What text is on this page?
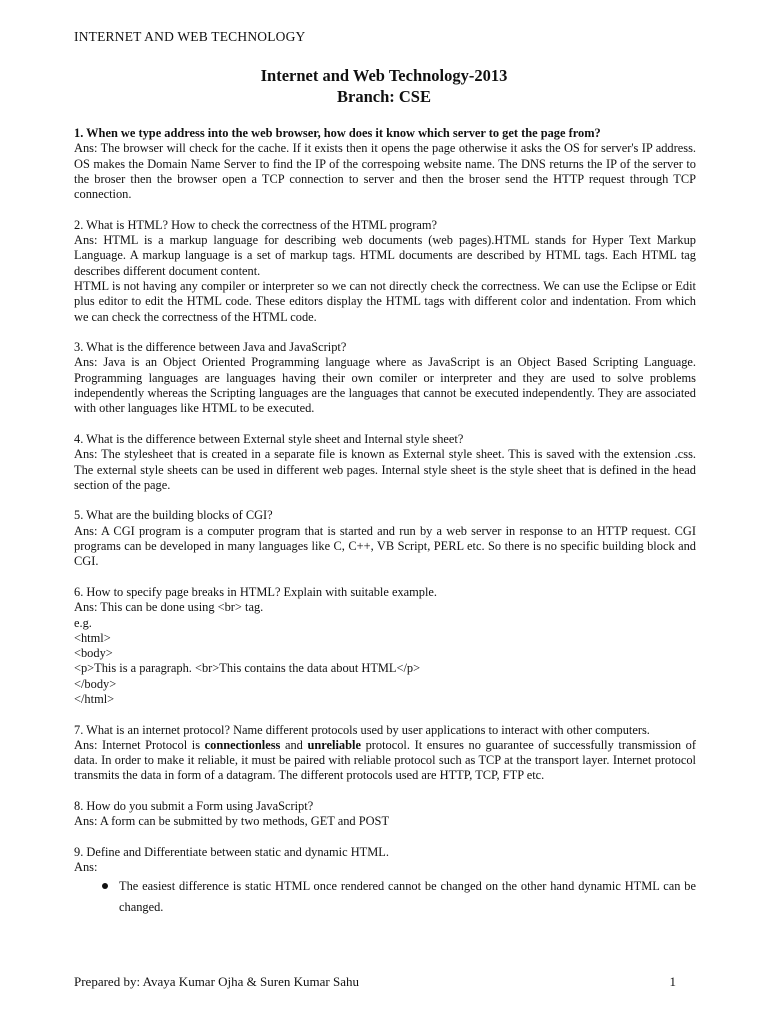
INTERNET AND WEB TECHNOLOGY
Internet and Web Technology-2013
Branch: CSE
1. When we type address into the web browser, how does it know which server to get the page from?
Ans: The browser will check for the cache. If it exists then it opens the page otherwise it asks the OS for server's IP address. OS makes the Domain Name Server to find the IP of the correspoing website name. The DNS returns the IP of the server to the broser then the browser open a TCP connection to server and then the broser send the HTTP request through TCP connection.
2. What is HTML? How to check the correctness of the HTML program?
Ans: HTML is a markup language for describing web documents (web pages).HTML stands for Hyper Text Markup Language. A markup language is a set of markup tags. HTML documents are described by HTML tags. Each HTML tag describes different document content.
HTML is not having any compiler or interpreter so we can not directly check the correctness. We can use the Eclipse or Edit plus editor to edit the HTML code. These editors display the HTML tags with different color and indentation. From which we can check the correctness of the HTML code.
3. What is the difference between Java and JavaScript?
Ans: Java is an Object Oriented Programming language where as JavaScript is an Object Based Scripting Language. Programming languages are languages having their own comiler or interpreter and they are used to solve problems independently whereas the Scripting languages are the languages that cannot be executed independently. They are associated with other languages like HTML to be executed.
4. What is the difference between External style sheet and Internal style sheet?
Ans: The stylesheet that is created in a separate file is known as External style sheet. This is saved with the extension .css. The external style sheets can be used in different web pages. Internal style sheet is the style sheet that is defined in the head section of the page.
5. What are the building blocks of CGI?
Ans: A CGI program is a computer program that is started and run by a web server in response to an HTTP request. CGI programs can be developed in many languages like C, C++, VB Script, PERL etc. So there is no specific building block and CGI.
6. How to specify page breaks in HTML? Explain with suitable example.
Ans: This can be done using <br> tag.
e.g.
<html>
<body>
<p>This is a paragraph. <br>This contains the data about HTML</p>
</body>
</html>
7. What is an internet protocol? Name different protocols used by user applications to interact with other computers.
Ans: Internet Protocol is connectionless and unreliable protocol. It ensures no guarantee of successfully transmission of data. In order to make it reliable, it must be paired with reliable protocol such as TCP at the transport layer. Internet protocol transmits the data in form of a datagram. The different protocols used are HTTP, TCP, FTP etc.
8. How do you submit a Form using JavaScript?
Ans: A form can be submitted by two methods, GET and POST
9. Define and Differentiate between static and dynamic HTML.
Ans:
The easiest difference is static HTML once rendered cannot be changed on the other hand dynamic HTML can be changed.
Prepared by: Avaya Kumar Ojha & Suren Kumar Sahu	1
